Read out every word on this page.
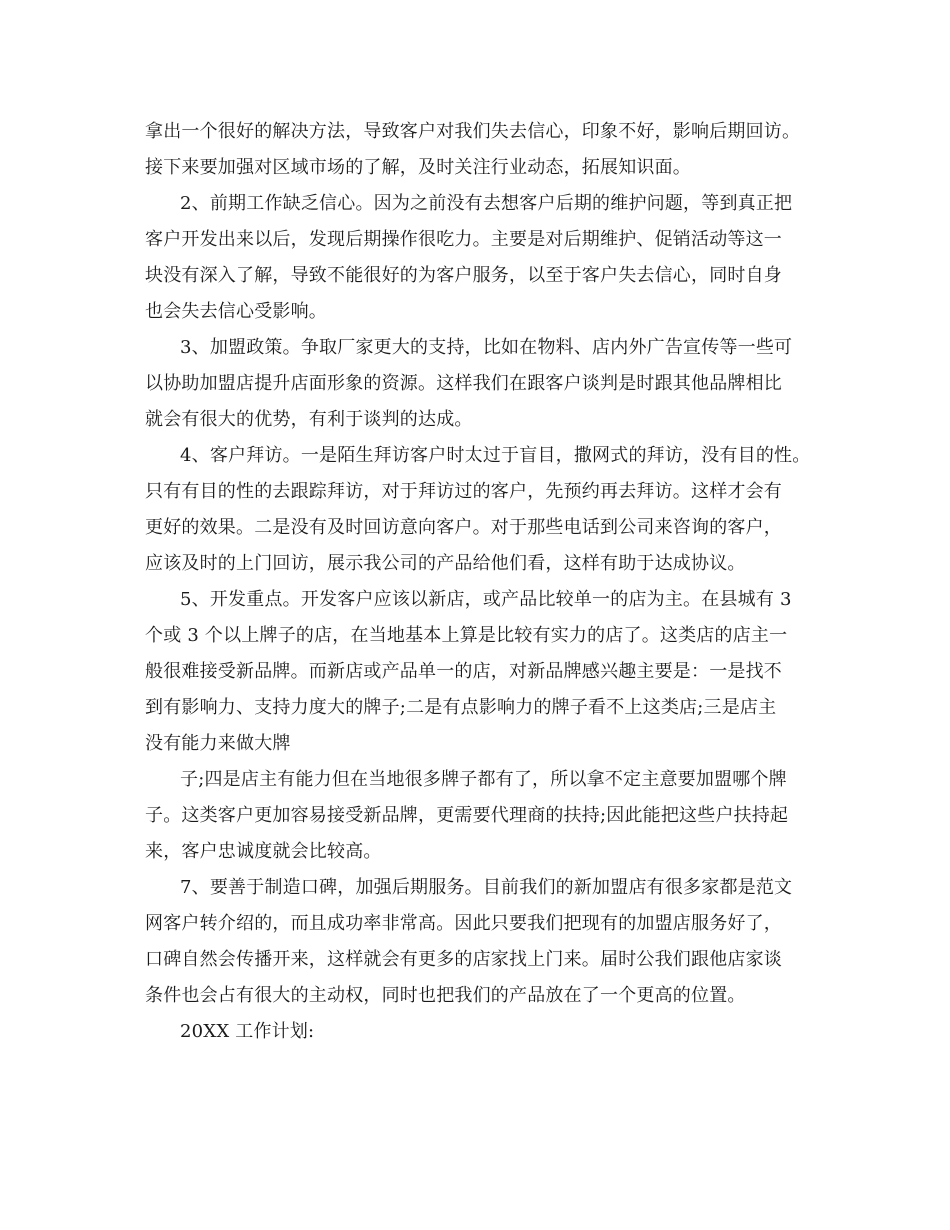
拿出一个很好的解决方法，导致客户对我们失去信心，印象不好，影响后期回访。
接下来要加强对区域市场的了解，及时关注行业动态，拓展知识面。
2、前期工作缺乏信心。因为之前没有去想客户后期的维护问题，等到真正把
客户开发出来以后，发现后期操作很吃力。主要是对后期维护、促销活动等这一
块没有深入了解，导致不能很好的为客户服务，以至于客户失去信心，同时自身
也会失去信心受影响。
3、加盟政策。争取厂家更大的支持，比如在物料、店内外广告宣传等一些可
以协助加盟店提升店面形象的资源。这样我们在跟客户谈判是时跟其他品牌相比
就会有很大的优势，有利于谈判的达成。
4、客户拜访。一是陌生拜访客户时太过于盲目，撒网式的拜访，没有目的性。
只有有目的性的去跟踪拜访，对于拜访过的客户，先预约再去拜访。这样才会有
更好的效果。二是没有及时回访意向客户。对于那些电话到公司来咨询的客户，
应该及时的上门回访，展示我公司的产品给他们看，这样有助于达成协议。
5、开发重点。开发客户应该以新店，或产品比较单一的店为主。在县城有 3
个或 3 个以上牌子的店，在当地基本上算是比较有实力的店了。这类店的店主一
般很难接受新品牌。而新店或产品单一的店，对新品牌感兴趣主要是：一是找不
到有影响力、支持力度大的牌子;二是有点影响力的牌子看不上这类店;三是店主
没有能力来做大牌
子;四是店主有能力但在当地很多牌子都有了，所以拿不定主意要加盟哪个牌
子。这类客户更加容易接受新品牌，更需要代理商的扶持;因此能把这些户扶持起
来，客户忠诚度就会比较高。
7、要善于制造口碑，加强后期服务。目前我们的新加盟店有很多家都是范文
网客户转介绍的，而且成功率非常高。因此只要我们把现有的加盟店服务好了，
口碑自然会传播开来，这样就会有更多的店家找上门来。届时公我们跟他店家谈
条件也会占有很大的主动权，同时也把我们的产品放在了一个更高的位置。
20XX 工作计划:
